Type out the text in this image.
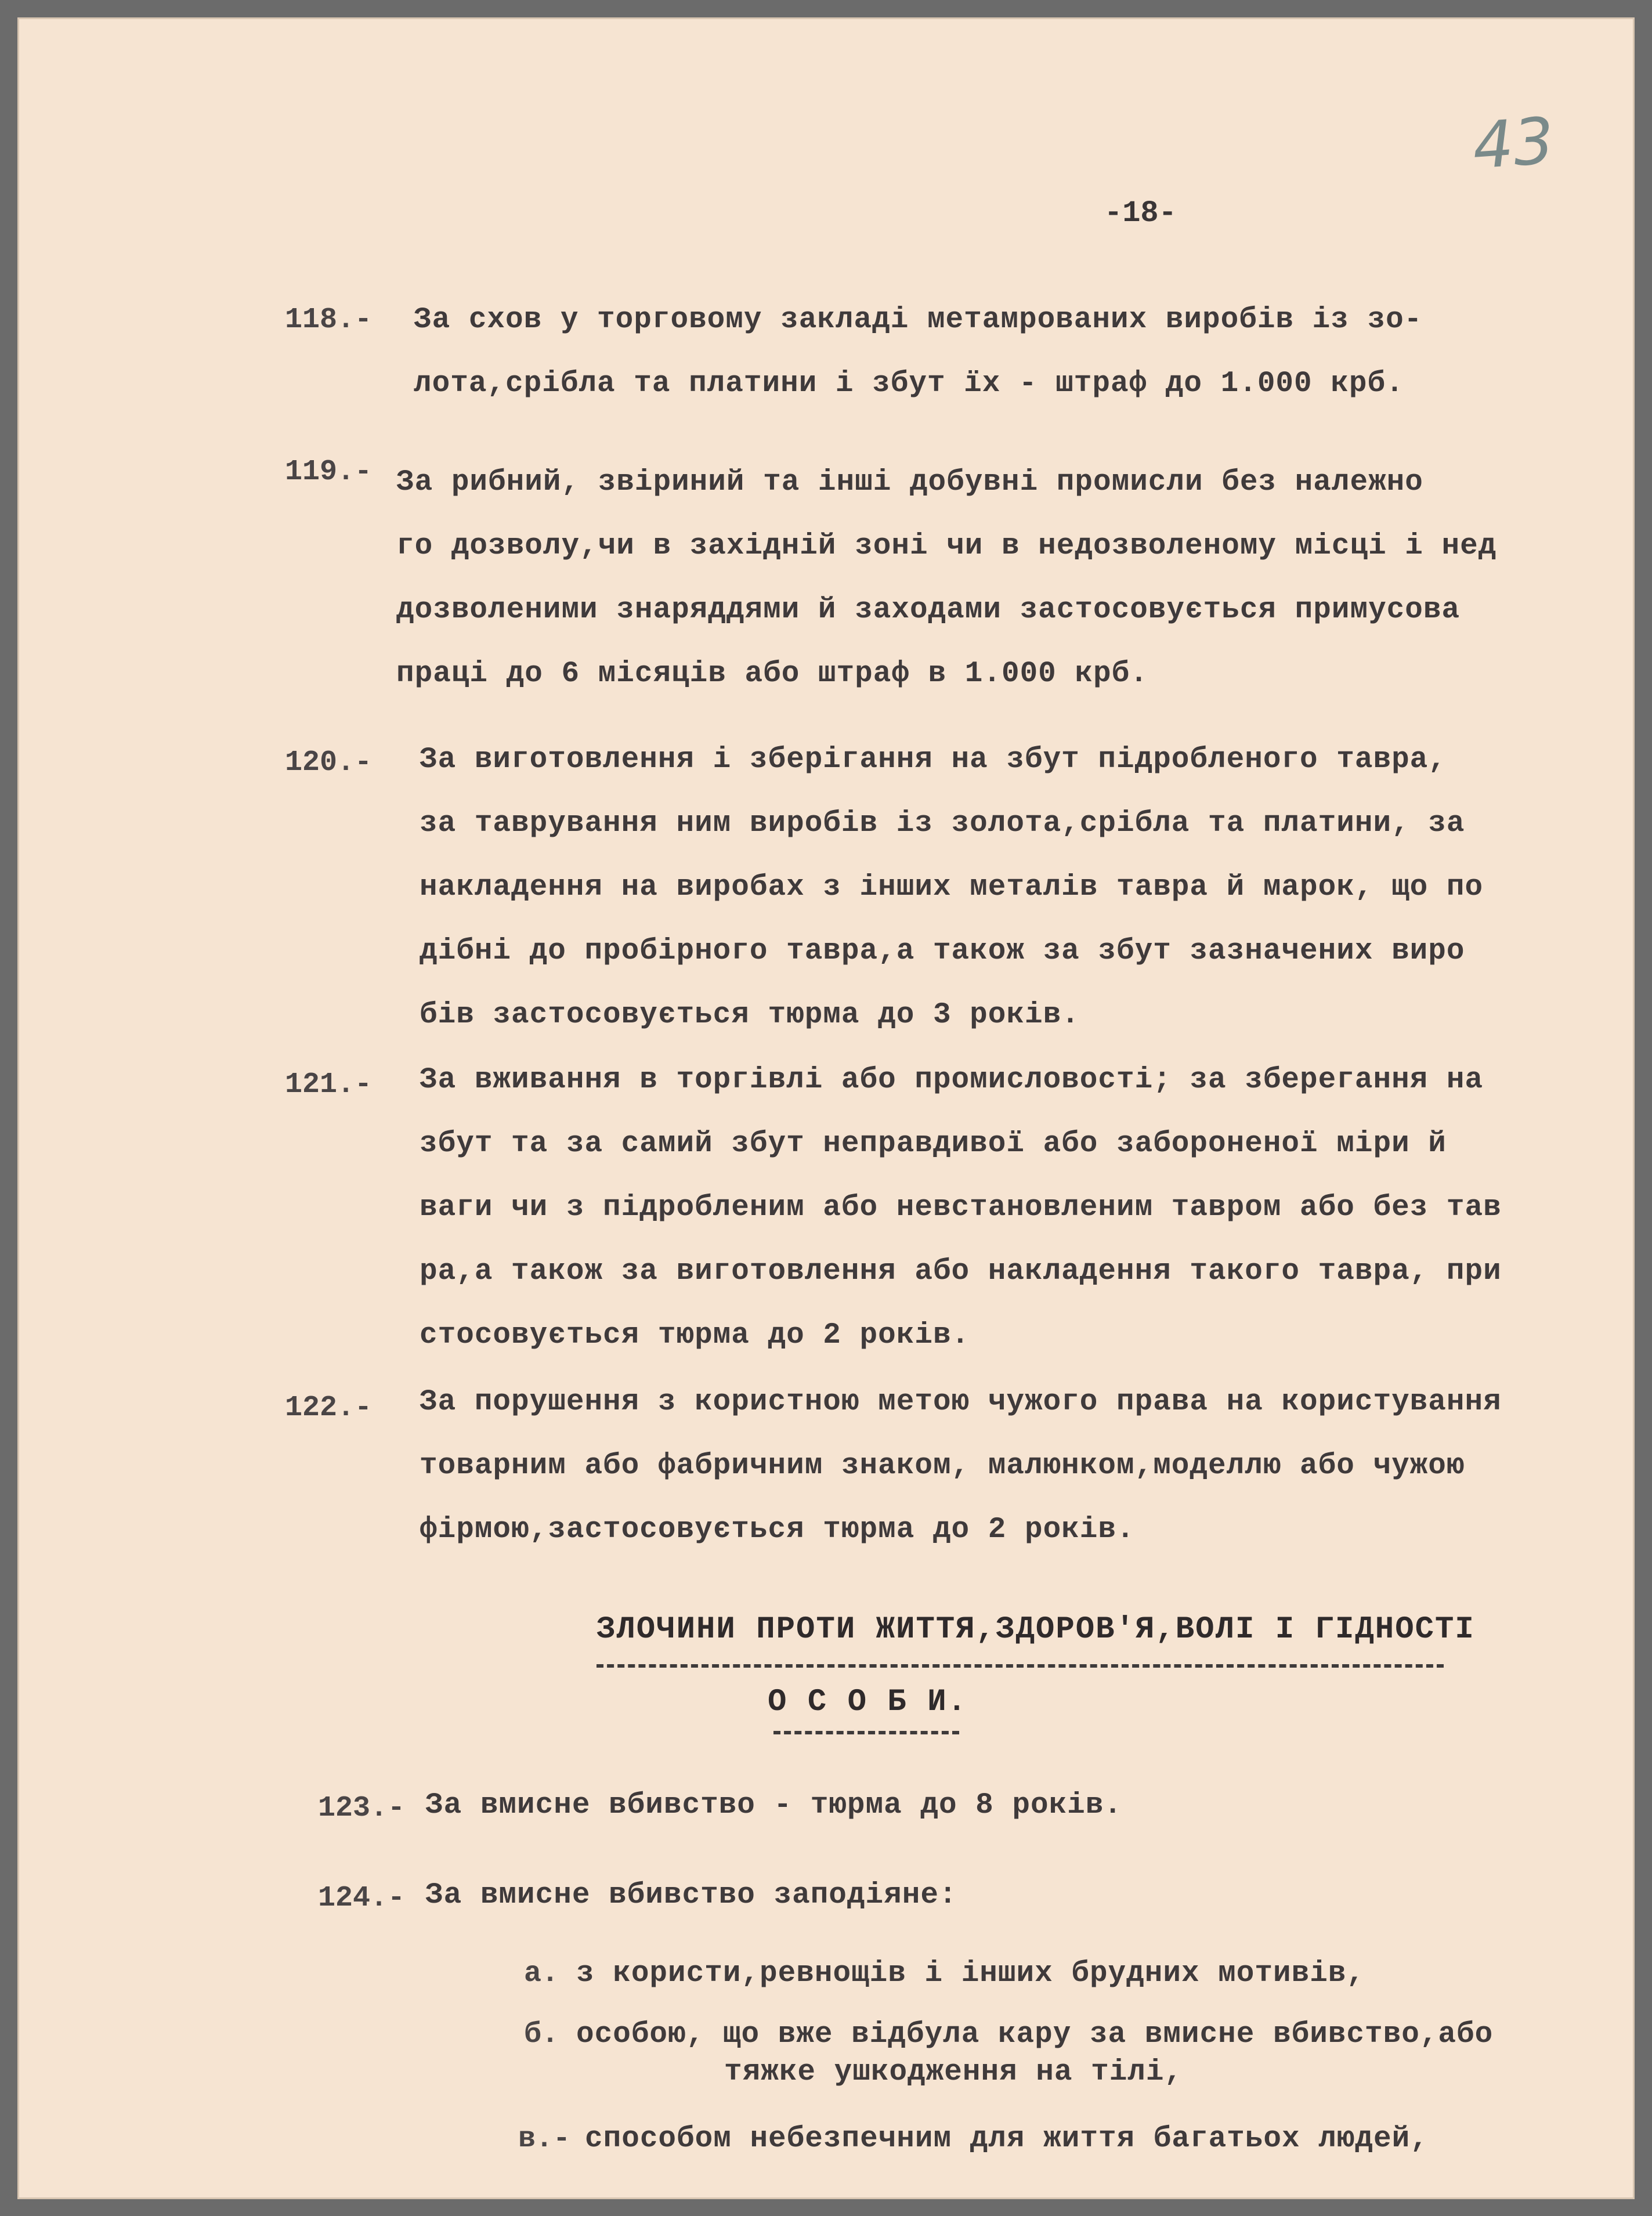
43
-18-
118.- За схов у торговому закладі метамрованих виробів із зо-
лота,срібла та платини і збут їх - штраф до 1.000 крб.
119.- За рибний, звіриний та інші добувні промисли без належно
го дозволу,чи в західній зоні чи в недозволеному місці і нед
дозволеними знаряддями й заходами застосовується примусова
праці до 6 місяців або штраф в 1.000 крб.
120.- За виготовлення і зберігання на збут підробленого тавра,
за таврування ним виробів із золота,срібла та платини, за
накладення на виробах з інших металів тавра й марок, що по
дібні до пробірного тавра,а також за збут зазначених виро
бів застосовується тюрма до 3 років.
121.- За вживання в торгівлі або промисловості; за зберегання на
збут та за самий збут неправдивої або забороненої міри й
ваги чи з підробленим або невстановленим тавром або без тав
ра,а також за виготовлення або накладення такого тавра, при
стосовується тюрма до 2 років.
122.- За порушення з користною метою чужого права на користування
товарним або фабричним знаком, малюнком,моделлю або чужою
фірмою,застосовується тюрма до 2 років.
ЗЛОЧИНИ ПРОТИ ЖИТТЯ,ЗДОРОВ'Я,ВОЛІ І ГІДНОСТІ
О С О Б И.
123.- За вмисне вбивство - тюрма до 8 років.
124.- За вмисне вбивство заподіяне:
а. з користи,ревнощів і інших брудних мотивів,
б. особою, що вже відбула кару за вмисне вбивство,або
тяжке ушкодження на тілі,
в.- способом небезпечним для життя багатьох людей,
